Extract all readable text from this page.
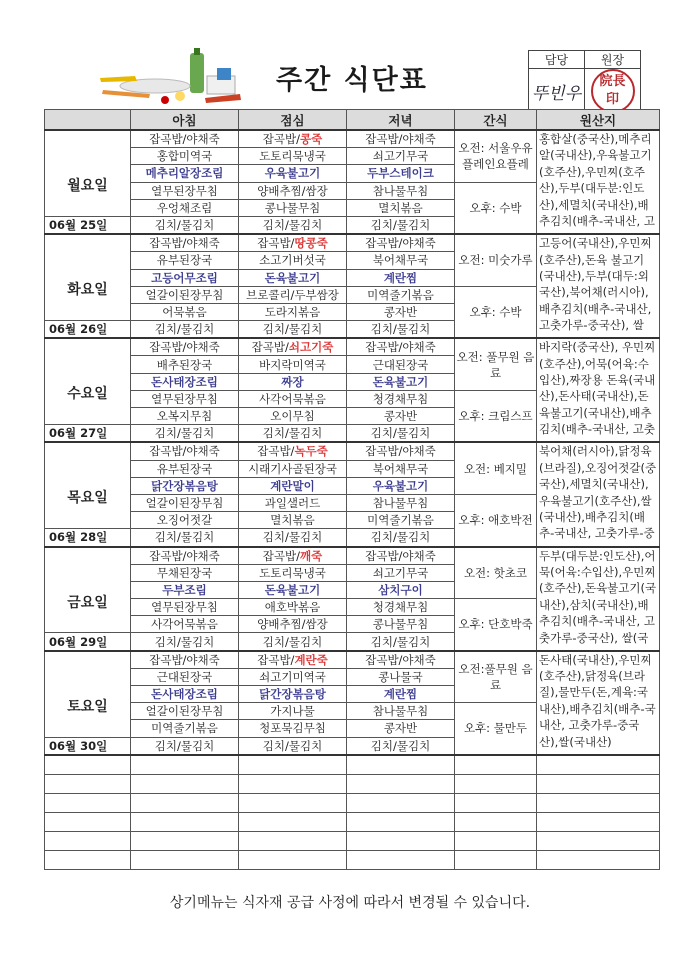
주간 식단표
담당	원장
뚜빈우	院長
印
	아침	점심	저녁	간식	원산지

월요일	잡곡밥/야채죽	잡곡밥/콩죽	잡곡밥/야채죽	오전: 서울우유 플레인요플레	홍합살(중국산),메추리알(국내산),우육불고기(호주산),우민찌(호주산),두부(대두분:인도산),세멸치(국내산),배추김치(배추-국내산, 고

	홍합미역국	도토리묵냉국	쇠고기무국		
	메추리알장조림	우육불고기	두부스테이크		
	열무된장무침	양배추찜/쌈장	참나물무침	오후: 수박	
	우엉채조림	콩나물무침	멸치볶음		
06월 25일	김치/물김치	김치/물김치	김치/물김치		

화요일	잡곡밥/야채죽	잡곡밥/땅콩죽	잡곡밥/야채죽	오전: 미숫가루	고등어(국내산),우민찌(호주산),돈육 불고기(국내산),두부(대두:외국산),북어채(러시아),배추김치(배추-국내산, 고춧가루-중국산), 쌀

	유부된장국	소고기버섯국	북어채무국		
	고등어무조림	돈육불고기	계란찜		
	얼갈이된장무침	브로콜리/두부쌈장	미역줄기볶음	오후: 수박	
	어묵볶음	도라지볶음	콩자반		
06월 26일	김치/물김치	김치/물김치	김치/물김치		

수요일	잡곡밥/야채죽	잡곡밥/쇠고기죽	잡곡밥/야채죽	오전: 풀무원 음료	바지락(중국산), 우민찌(호주산),어묵(어육:수입산),짜장용 돈육(국내산),돈사태(국내산),돈육불고기(국내산),배추김치(배추-국내산, 고춧

	배추된장국	바지락미역국	근대된장국		
	돈사태장조림	짜장	돈육불고기		
	열무된장무침	사각어묵볶음	청경채무침	오후: 크림스프	
	오복지무침	오이무침	콩자반		
06월 27일	김치/물김치	김치/물김치	김치/물김치		

목요일	잡곡밥/야채죽	잡곡밥/녹두죽	잡곡밥/야채죽	오전: 베지밀	북어채(러시아),닭정육(브라질),오징어젓갈(중국산),세멸치(국내산),우육불고기(호주산),쌀(국내산),배추김치(배추-국내산, 고춧가루-중

	유부된장국	시래기사골된장국	북어채무국		
	닭간장볶음탕	계란말이	우육불고기		
	얼갈이된장무침	과일샐러드	참나물무침	오후: 애호박전	
	오징어젓갈	멸치볶음	미역줄기볶음		
06월 28일	김치/물김치	김치/물김치	김치/물김치		

금요일	잡곡밥/야채죽	잡곡밥/깨죽	잡곡밥/야채죽	오전: 핫초코	두부(대두분:인도산),어묵(어육:수입산),우민찌(호주산),돈육불고기(국내산),삼치(국내산),배추김치(배추-국내산, 고춧가루-중국산), 쌀(국

	무채된장국	도토리묵냉국	쇠고기무국		
	두부조림	돈육불고기	삼치구이		
	열무된장무침	애호박볶음	청경채무침	오후: 단호박죽	
	사각어묵볶음	양배추찜/쌈장	콩나물무침		
06월 29일	김치/물김치	김치/물김치	김치/물김치		

토요일	잡곡밥/야채죽	잡곡밥/계란죽	잡곡밥/야채죽	오전:풀무원 음료	돈사태(국내산),우민찌(호주산),닭정육(브라질),물만두(돈,계육:국내산),배추김치(배추-국내산, 고춧가루-중국산),쌀(국내산)

	근대된장국	쇠고기미역국	콩나물국		
	돈사태장조림	닭간장볶음탕	계란찜		
	얼갈이된장무침	가지나물	참나물무침	오후: 물만두	
	미역줄기볶음	청포묵김무침	콩자반		
06월 30일	김치/물김치	김치/물김치	김치/물김치		

상기메뉴는 식자재 공급 사정에 따라서 변경될 수 있습니다.
